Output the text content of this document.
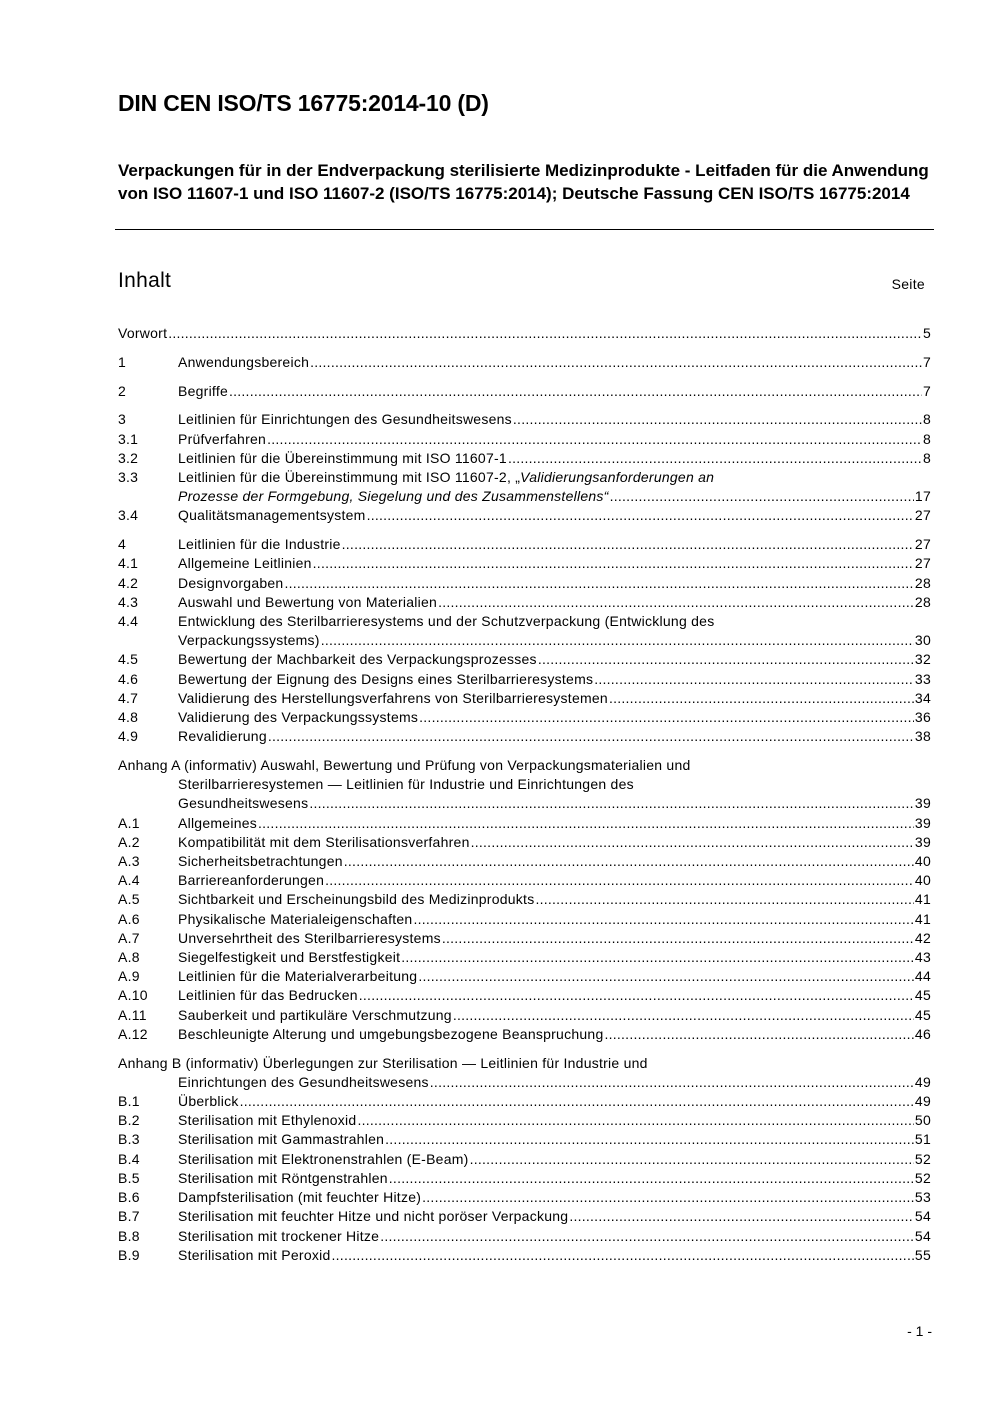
DIN CEN ISO/TS 16775:2014-10 (D)
Verpackungen für in der Endverpackung sterilisierte Medizinprodukte - Leitfaden für die Anwendung von ISO 11607-1 und ISO 11607-2 (ISO/TS 16775:2014); Deutsche Fassung CEN ISO/TS 16775:2014
Inhalt	Seite
Vorwort .....	5
1	Anwendungsbereich .....	7
2	Begriffe .....	7
3	Leitlinien für Einrichtungen des Gesundheitswesens .....	8
3.1	Prüfverfahren .....	8
3.2	Leitlinien für die Übereinstimmung mit ISO 11607-1 .....	8
3.3	Leitlinien für die Übereinstimmung mit ISO 11607-2, „Validierungsanforderungen an
Prozesse der Formgebung, Siegelung und des Zusammenstellens“ .....	17
3.4	Qualitätsmanagementsystem .....	27
4	Leitlinien für die Industrie .....	27
4.1	Allgemeine Leitlinien .....	27
4.2	Designvorgaben .....	28
4.3	Auswahl und Bewertung von Materialien .....	28
4.4	Entwicklung des Sterilbarrieresystems und der Schutzverpackung (Entwicklung des
Verpackungssystems) .....	30
4.5	Bewertung der Machbarkeit des Verpackungsprozesses .....	32
4.6	Bewertung der Eignung des Designs eines Sterilbarrieresystems .....	33
4.7	Validierung des Herstellungsverfahrens von Sterilbarrieresystemen .....	34
4.8	Validierung des Verpackungssystems .....	36
4.9	Revalidierung .....	38
Anhang A (informativ) Auswahl, Bewertung und Prüfung von Verpackungsmaterialien und
Sterilbarrieresystemen — Leitlinien für Industrie und Einrichtungen des
Gesundheitswesens .....	39
A.1	Allgemeines .....	39
A.2	Kompatibilität mit dem Sterilisationsverfahren .....	39
A.3	Sicherheitsbetrachtungen .....	40
A.4	Barriereanforderungen .....	40
A.5	Sichtbarkeit und Erscheinungsbild des Medizinprodukts .....	41
A.6	Physikalische Materialeigenschaften .....	41
A.7	Unversehrtheit des Sterilbarrieresystems .....	42
A.8	Siegelfestigkeit und Berstfestigkeit .....	43
A.9	Leitlinien für die Materialverarbeitung .....	44
A.10	Leitlinien für das Bedrucken .....	45
A.11	Sauberkeit und partikuläre Verschmutzung .....	45
A.12	Beschleunigte Alterung und umgebungsbezogene Beanspruchung .....	46
Anhang B (informativ) Überlegungen zur Sterilisation — Leitlinien für Industrie und
Einrichtungen des Gesundheitswesens .....	49
B.1	Überblick .....	49
B.2	Sterilisation mit Ethylenoxid .....	50
B.3	Sterilisation mit Gammastrahlen .....	51
B.4	Sterilisation mit Elektronenstrahlen (E-Beam) .....	52
B.5	Sterilisation mit Röntgenstrahlen .....	52
B.6	Dampfsterilisation (mit feuchter Hitze) .....	53
B.7	Sterilisation mit feuchter Hitze und nicht poröser Verpackung .....	54
B.8	Sterilisation mit trockener Hitze .....	54
B.9	Sterilisation mit Peroxid .....	55
- 1 -
